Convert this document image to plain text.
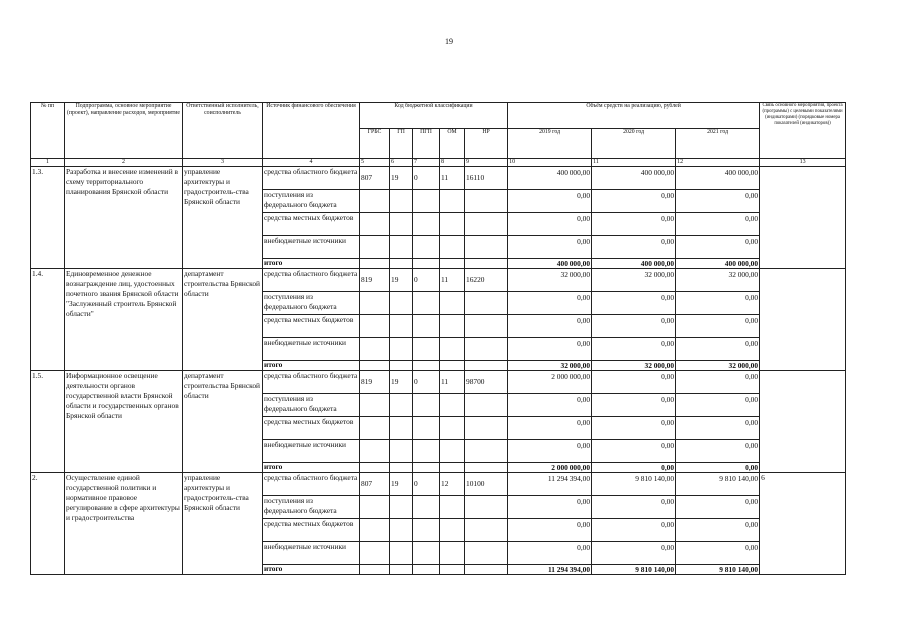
19
№ пп	Подпрограмма, основное мероприятие (проект), направление расходов, мероприятие	Ответственный исполнитель, соисполнитель	Источник финансового обеспечения	Код бюджетной классификации					Объём средств на реализацию, рублей			Связь основного мероприятия, проекта (программы) с целевыми показателями (индикаторами) (порядковые номера показателей (индикаторов))
				ГРБС	ГП	ПГП	ОМ	НР	2019 год	2020 год	2021 год	
1	2	3	4	5	6	7	8	9	10	11	12	13
1.3.	Разработка и внесение изменений в схему территориального планирования Брянской области	управление архитектуры и градостроитель-ства Брянской области	средства областного бюджета	807	19	0	11	16110	400 000,00	400 000,00	400 000,00	
			поступления из федерального бюджета						0,00	0,00	0,00	
			средства местных бюджетов						0,00	0,00	0,00	
			внебюджетные источники						0,00	0,00	0,00	
			итого						400 000,00	400 000,00	400 000,00	
1.4.	Единовременное денежное вознаграждение лиц, удостоенных почетного звания Брянской области "Заслуженный строитель Брянской области"	департамент строительства Брянской области	средства областного бюджета	819	19	0	11	16220	32 000,00	32 000,00	32 000,00	
			поступления из федерального бюджета						0,00	0,00	0,00	
			средства местных бюджетов						0,00	0,00	0,00	
			внебюджетные источники						0,00	0,00	0,00	
			итого						32 000,00	32 000,00	32 000,00	
1.5.	Информационное освещение деятельности органов государственной власти Брянской области и государственных органов Брянской области	департамент строительства Брянской области	средства областного бюджета	819	19	0	11	98700	2 000 000,00	0,00	0,00	
			поступления из федерального бюджета						0,00	0,00	0,00	
			средства местных бюджетов						0,00	0,00	0,00	
			внебюджетные источники						0,00	0,00	0,00	
			итого						2 000 000,00	0,00	0,00	
2.	Осуществление единой государственной политики и нормативное правовое регулирование в сфере архитектуры и градостроительства	управление архитектуры и градостроитель-ства Брянской области	средства областного бюджета	807	19	0	12	10100	11 294 394,00	9 810 140,00	9 810 140,00	6
			поступления из федерального бюджета						0,00	0,00	0,00	
			средства местных бюджетов						0,00	0,00	0,00	
			внебюджетные источники						0,00	0,00	0,00	
			итого						11 294 394,00	9 810 140,00	9 810 140,00	
